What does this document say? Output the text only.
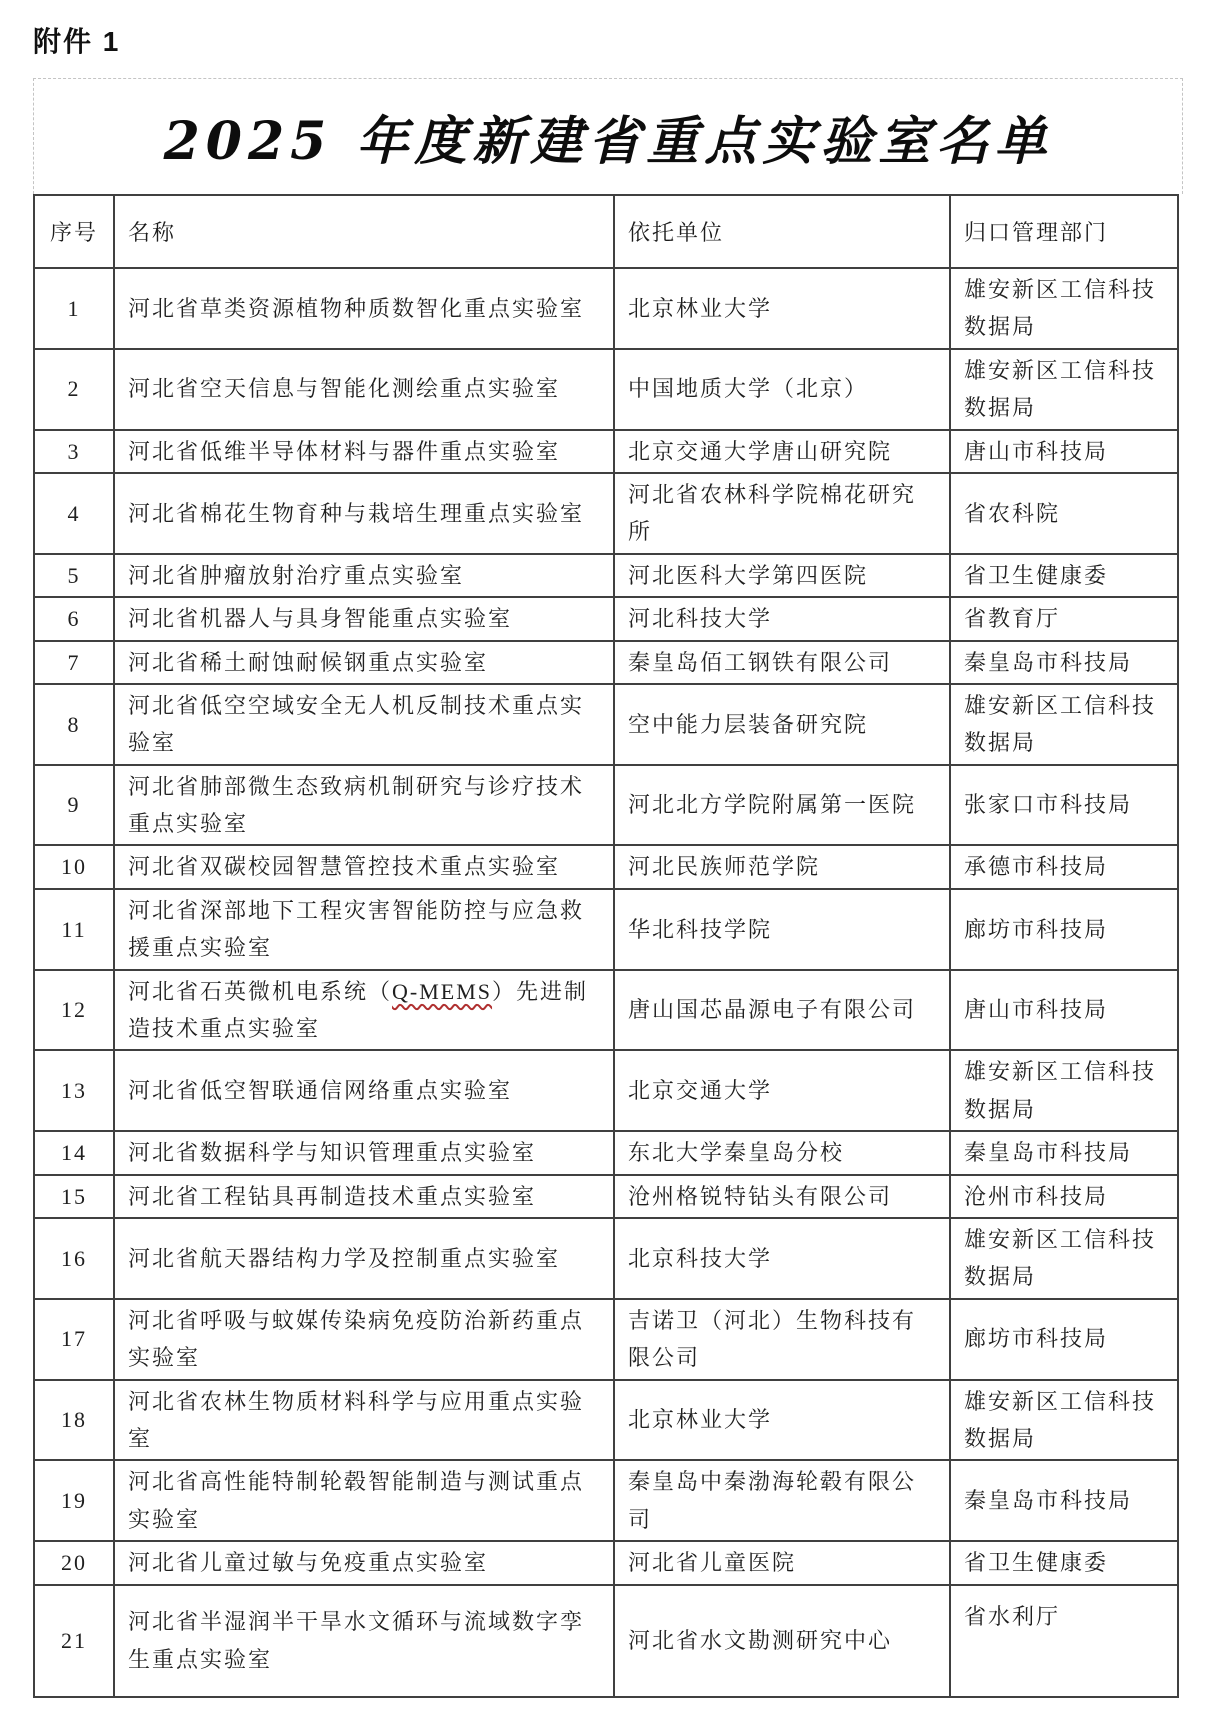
附件 1
2025 年度新建省重点实验室名单
序号	名称	依托单位	归口管理部门
1	河北省草类资源植物种质数智化重点实验室	北京林业大学	雄安新区工信科技数据局
2	河北省空天信息与智能化测绘重点实验室	中国地质大学（北京）	雄安新区工信科技数据局
3	河北省低维半导体材料与器件重点实验室	北京交通大学唐山研究院	唐山市科技局
4	河北省棉花生物育种与栽培生理重点实验室	河北省农林科学院棉花研究所	省农科院
5	河北省肿瘤放射治疗重点实验室	河北医科大学第四医院	省卫生健康委
6	河北省机器人与具身智能重点实验室	河北科技大学	省教育厅
7	河北省稀土耐蚀耐候钢重点实验室	秦皇岛佰工钢铁有限公司	秦皇岛市科技局
8	河北省低空空域安全无人机反制技术重点实验室	空中能力层装备研究院	雄安新区工信科技数据局
9	河北省肺部微生态致病机制研究与诊疗技术重点实验室	河北北方学院附属第一医院	张家口市科技局
10	河北省双碳校园智慧管控技术重点实验室	河北民族师范学院	承德市科技局
11	河北省深部地下工程灾害智能防控与应急救援重点实验室	华北科技学院	廊坊市科技局
12	河北省石英微机电系统（Q-MEMS）先进制造技术重点实验室	唐山国芯晶源电子有限公司	唐山市科技局
13	河北省低空智联通信网络重点实验室	北京交通大学	雄安新区工信科技数据局
14	河北省数据科学与知识管理重点实验室	东北大学秦皇岛分校	秦皇岛市科技局
15	河北省工程钻具再制造技术重点实验室	沧州格锐特钻头有限公司	沧州市科技局
16	河北省航天器结构力学及控制重点实验室	北京科技大学	雄安新区工信科技数据局
17	河北省呼吸与蚊媒传染病免疫防治新药重点实验室	吉诺卫（河北）生物科技有限公司	廊坊市科技局
18	河北省农林生物质材料科学与应用重点实验室	北京林业大学	雄安新区工信科技数据局
19	河北省高性能特制轮毂智能制造与测试重点实验室	秦皇岛中秦渤海轮毂有限公司	秦皇岛市科技局
20	河北省儿童过敏与免疫重点实验室	河北省儿童医院	省卫生健康委
21	河北省半湿润半干旱水文循环与流域数字孪生重点实验室	河北省水文勘测研究中心	省水利厅
